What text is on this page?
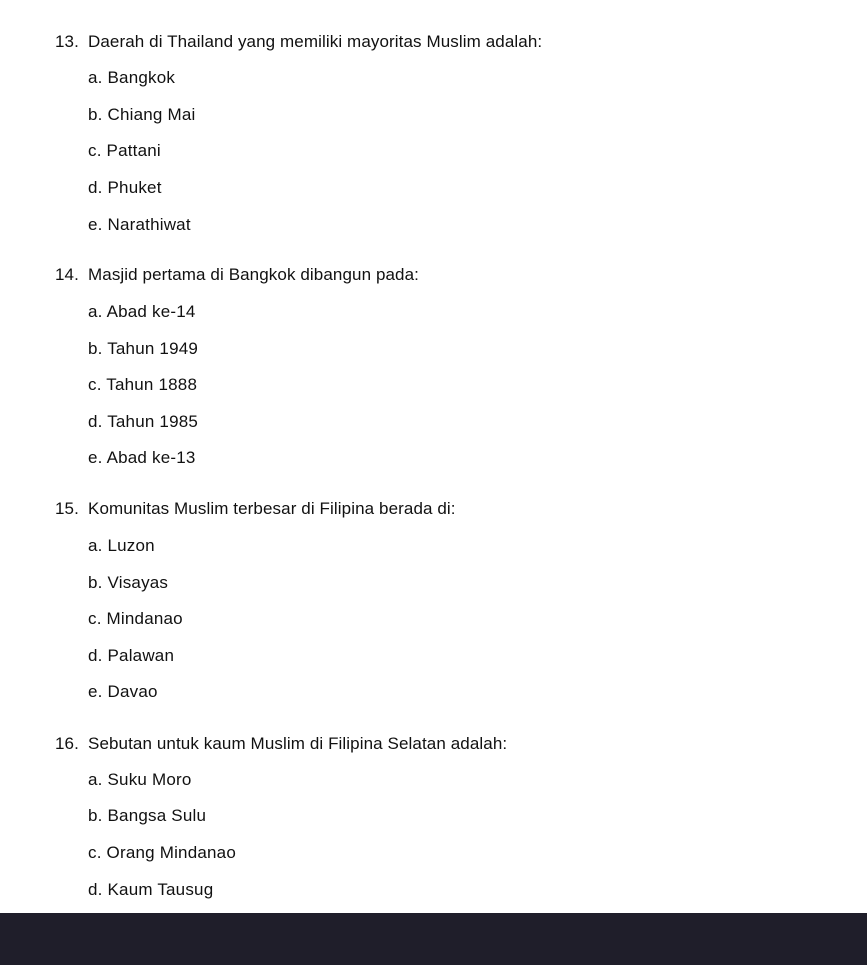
13. Daerah di Thailand yang memiliki mayoritas Muslim adalah:
a. Bangkok
b. Chiang Mai
c. Pattani
d. Phuket
e. Narathiwat
14. Masjid pertama di Bangkok dibangun pada:
a. Abad ke-14
b. Tahun 1949
c. Tahun 1888
d. Tahun 1985
e. Abad ke-13
15. Komunitas Muslim terbesar di Filipina berada di:
a. Luzon
b. Visayas
c. Mindanao
d. Palawan
e. Davao
16. Sebutan untuk kaum Muslim di Filipina Selatan adalah:
a. Suku Moro
b. Bangsa Sulu
c. Orang Mindanao
d. Kaum Tausug
